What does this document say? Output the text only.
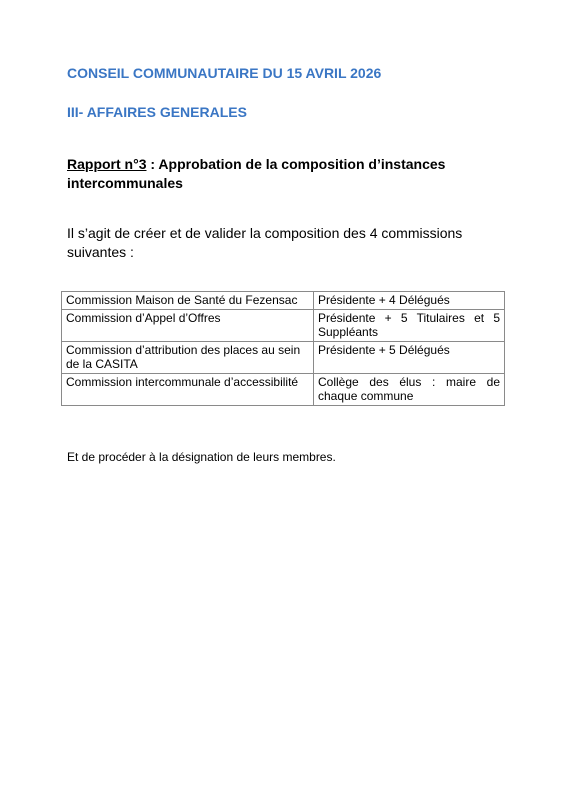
CONSEIL COMMUNAUTAIRE DU 15 AVRIL 2026
III- AFFAIRES GENERALES
Rapport n°3 : Approbation de la composition d’instances intercommunales
Il s’agit de créer et de valider la composition des 4 commissions suivantes :
Commission Maison de Santé du Fezensac	Présidente + 4 Délégués
Commission d’Appel d’Offres	Présidente + 5 Titulaires et 5 Suppléants
Commission d’attribution des places au sein de la CASITA	Présidente + 5 Délégués
Commission intercommunale d’accessibilité	Collège des élus : maire de chaque commune
Et de procéder à la désignation de leurs membres.
